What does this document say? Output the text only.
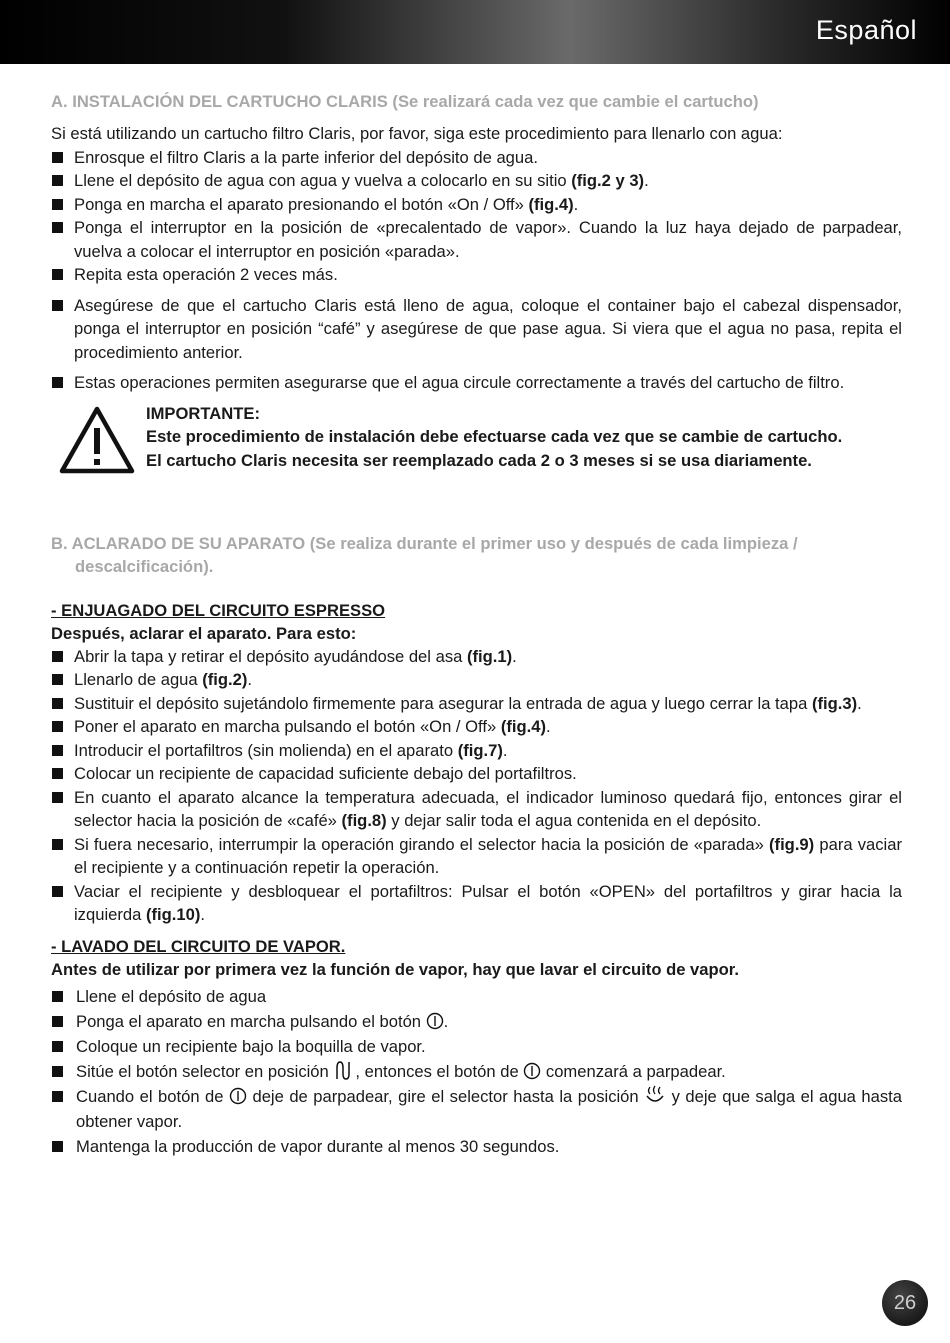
Español
A. INSTALACIÓN DEL CARTUCHO CLARIS (Se realizará cada vez que cambie el cartucho)

Si está utilizando un cartucho filtro Claris, por favor, siga este procedimiento para llenarlo con agua:

Enrosque el filtro Claris a la parte inferior del depósito de agua.
Llene el depósito de agua con agua y vuelva a colocarlo en su sitio (fig.2 y 3).
Ponga en marcha el aparato presionando el botón «On / Off» (fig.4).
Ponga el interruptor en la posición de «precalentado de vapor». Cuando la luz haya dejado de parpadear, vuelva a colocar el interruptor en posición «parada».
Repita esta operación 2 veces más.
Asegúrese de que el cartucho Claris está lleno de agua, coloque el container bajo el cabezal dispensador, ponga el interruptor en posición “café” y asegúrese de que pase agua. Si viera que el agua no pasa, repita el procedimiento anterior.
Estas operaciones permiten asegurarse que el agua circule correctamente a través del cartucho de filtro.
IMPORTANTE:
Este procedimiento de instalación debe efectuarse cada vez que se cambie de cartucho.
El cartucho Claris necesita ser reemplazado cada 2 o 3 meses si se usa diariamente.
B. ACLARADO DE SU APARATO (Se realiza durante el primer uso y después de cada limpieza / descalcificación).
- ENJUAGADO DEL CIRCUITO ESPRESSO
Después, aclarar el aparato. Para esto:
Abrir la tapa y retirar el depósito ayudándose del asa (fig.1).
Llenarlo de agua (fig.2).
Sustituir el depósito sujetándolo firmemente para asegurar la entrada de agua y luego cerrar la tapa (fig.3).
Poner el aparato en marcha pulsando el botón «On / Off» (fig.4).
Introducir el portafiltros (sin molienda) en el aparato (fig.7).
Colocar un recipiente de capacidad suficiente debajo del portafiltros.
En cuanto el aparato alcance la temperatura adecuada, el indicador luminoso quedará fijo, entonces girar el selector hacia la posición de «café» (fig.8) y dejar salir toda el agua contenida en el depósito.
Si fuera necesario, interrumpir la operación girando el selector hacia la posición de «parada» (fig.9) para vaciar el recipiente y a continuación repetir la operación.
Vaciar el recipiente y desbloquear el portafiltros: Pulsar el botón «OPEN» del portafiltros y girar hacia la izquierda (fig.10).
- LAVADO DEL CIRCUITO DE VAPOR.
Antes de utilizar por primera vez la función de vapor, hay que lavar el circuito de vapor.
Llene el depósito de agua
Ponga el aparato en marcha pulsando el botón .
Coloque un recipiente bajo la boquilla de vapor.
Sitúe el botón selector en posición , entonces el botón de  comenzará a parpadear.
Cuando el botón de  deje de parpadear, gire el selector hasta la posición  y deje que salga el agua hasta obtener vapor.
Mantenga la producción de vapor durante al menos 30 segundos.
26
